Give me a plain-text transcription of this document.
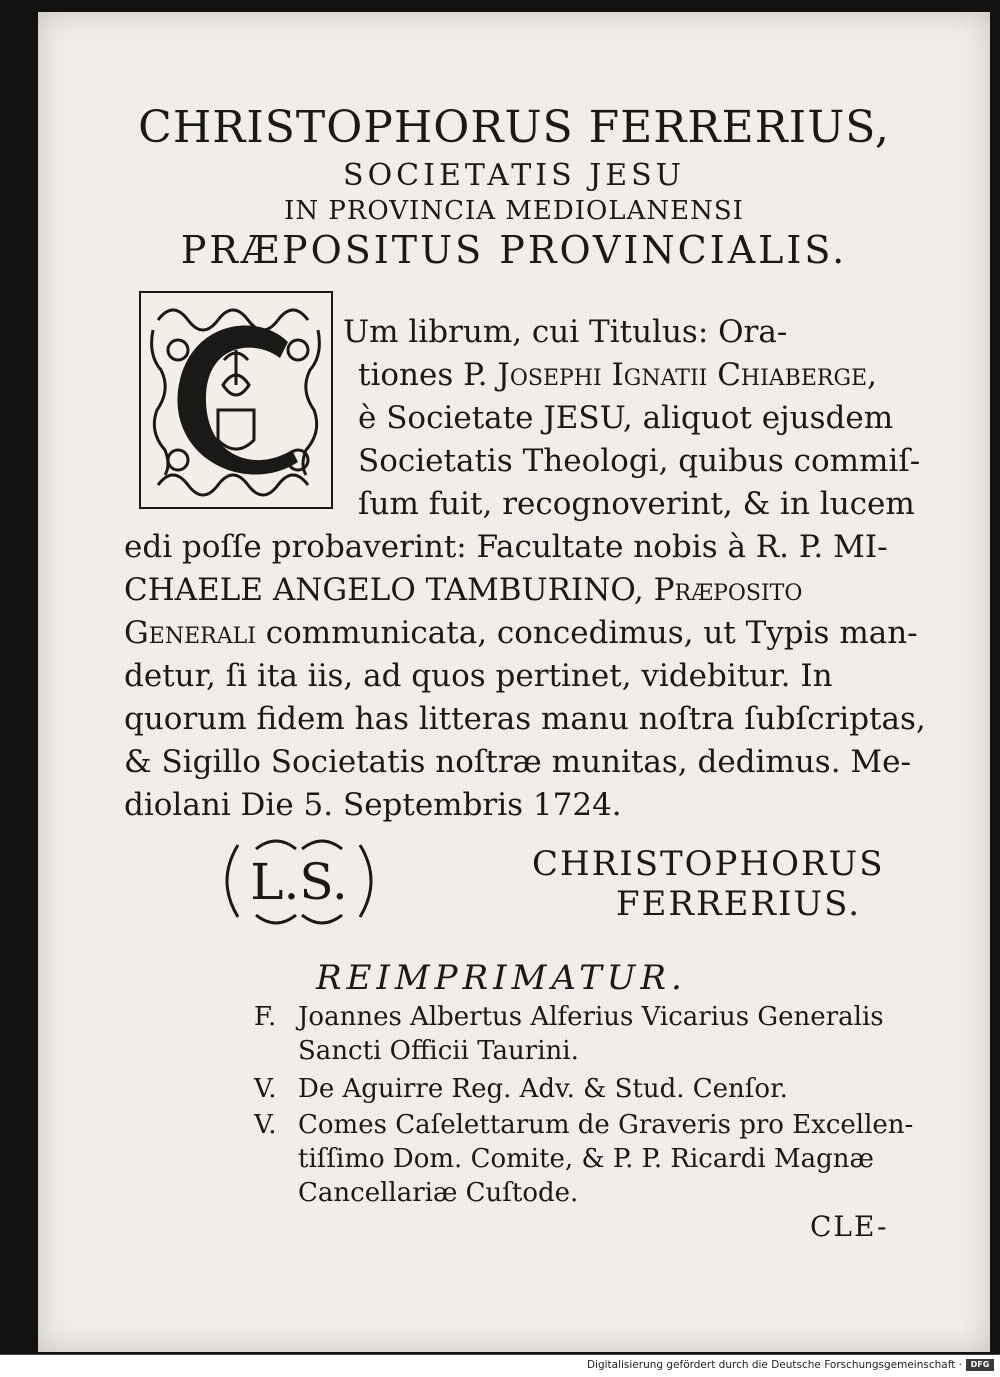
CHRISTOPHORUS FERRERIUS,
SOCIETATIS JESU
IN PROVINCIA MEDIOLANENSI
PRÆPOSITUS PROVINCIALIS.
Um librum, cui Titulus: Ora-
tiones P. Josephi Ignatii Chiaberge,
è Societate JESU, aliquot ejusdem
Societatis Theologi, quibus commiſ-
ſum fuit, recognoverint, & in lucem
edi poſſe probaverint: Facultate nobis à R. P. MI-
CHAELE ANGELO TAMBURINO, Præposito
Generali communicata, concedimus, ut Typis man-
detur, ſi ita iis, ad quos pertinet, videbitur. In
quorum fidem has litteras manu noſtra ſubſcriptas,
& Sigillo Societatis noſtræ munitas, dedimus. Me-
diolani Die 5. Septembris 1724.
L.S.	CHRISTOPHORUS
FERRERIUS.
REIMPRIMATUR.
F. Joannes Albertus Alferius Vicarius Generalis
Sancti Officii Taurini.
V. De Aguirre Reg. Adv. & Stud. Cenſor.
V. Comes Caſelettarum de Graveris pro Excellen-
tiſſimo Dom. Comite, & P. P. Ricardi Magnæ
Cancellariæ Cuſtode.
CLE-
Digitalisierung gefördert durch die Deutsche Forschungsgemeinschaft ·	DFG
